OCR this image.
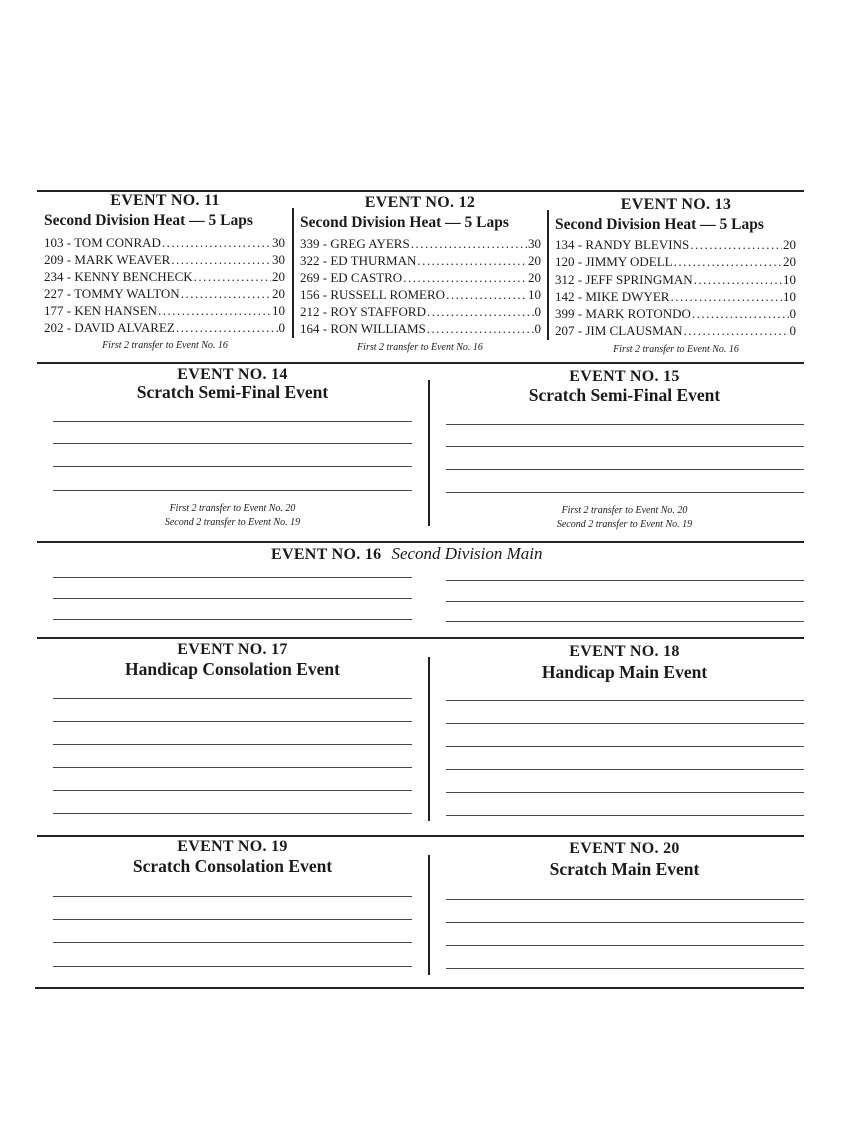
EVENT NO. 11
Second Division Heat — 5 Laps
103 - TOM CONRAD .....	30
209 - MARK WEAVER .....	30
234 - KENNY BENCHECK .....	20
227 - TOMMY WALTON .....	20
177 - KEN HANSEN .....	10
202 - DAVID ALVAREZ .....	0
First 2 transfer to Event No. 16
EVENT NO. 12
Second Division Heat — 5 Laps
339 - GREG AYERS .....	30
322 - ED THURMAN .....	20
269 - ED CASTRO .....	20
156 - RUSSELL ROMERO .....	10
212 - ROY STAFFORD .....	0
164 - RON WILLIAMS .....	0
First 2 transfer to Event No. 16
EVENT NO. 13
Second Division Heat — 5 Laps
134 - RANDY BLEVINS .....	20
120 - JIMMY ODELL .....	20
312 - JEFF SPRINGMAN .....	10
142 - MIKE DWYER .....	10
399 - MARK ROTONDO .....	0
207 - JIM CLAUSMAN .....	0
First 2 transfer to Event No. 16
EVENT NO. 14
Scratch Semi-Final Event
First 2 transfer to Event No. 20
Second 2 transfer to Event No. 19
EVENT NO. 15
Scratch Semi-Final Event
First 2 transfer to Event No. 20
Second 2 transfer to Event No. 19
EVENT NO. 16 Second Division Main
EVENT NO. 17
Handicap Consolation Event
EVENT NO. 18
Handicap Main Event
EVENT NO. 19
Scratch Consolation Event
EVENT NO. 20
Scratch Main Event
